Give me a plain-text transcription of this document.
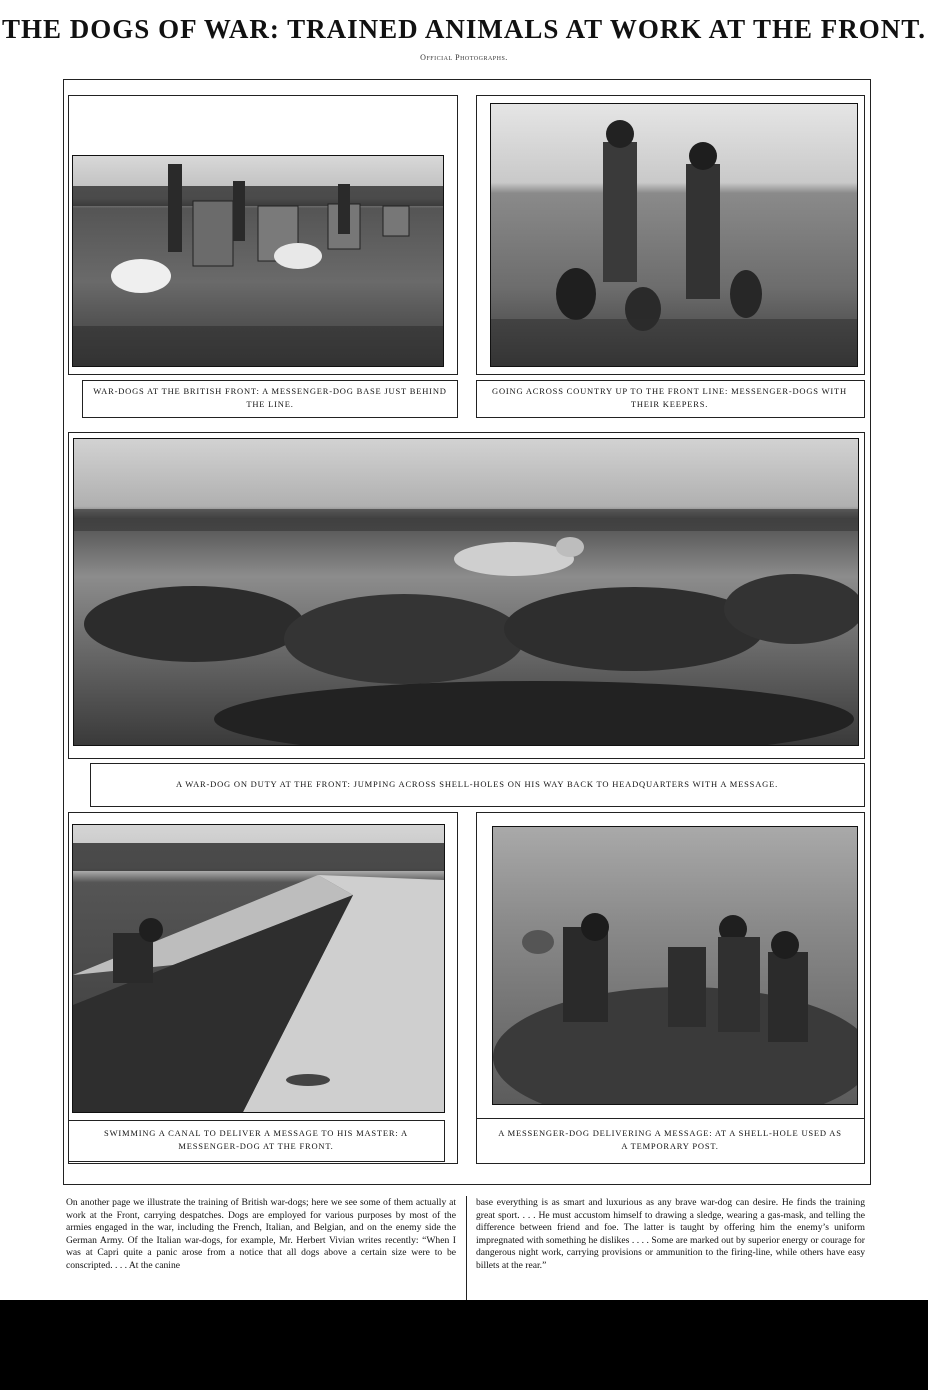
THE DOGS OF WAR: TRAINED ANIMALS AT WORK AT THE FRONT.
Official Photographs.
WAR-DOGS AT THE BRITISH FRONT: A MESSENGER-DOG BASE JUST BEHIND THE LINE.
GOING ACROSS COUNTRY UP TO THE FRONT LINE: MESSENGER-DOGS WITH THEIR KEEPERS.
A WAR-DOG ON DUTY AT THE FRONT: JUMPING ACROSS SHELL-HOLES ON HIS WAY BACK TO HEADQUARTERS WITH A MESSAGE.
SWIMMING A CANAL TO DELIVER A MESSAGE TO HIS MASTER: A MESSENGER-DOG AT THE FRONT.
A MESSENGER-DOG DELIVERING A MESSAGE: AT A SHELL-HOLE USED AS A TEMPORARY POST.
On another page we illustrate the training of British war-dogs; here we see some of them actually at work at the Front, carrying despatches. Dogs are employed for various purposes by most of the armies engaged in the war, including the French, Italian, and Belgian, and on the enemy side the German Army. Of the Italian war-dogs, for example, Mr. Herbert Vivian writes recently: “When I was at Capri quite a panic arose from a notice that all dogs above a certain size were to be conscripted. . . . At the canine
base everything is as smart and luxurious as any brave war-dog can desire. He finds the training great sport. . . . He must accustom himself to drawing a sledge, wearing a gas-mask, and telling the difference between friend and foe. The latter is taught by offering him the enemy’s uniform impregnated with something he dislikes . . . . Some are marked out by superior energy or courage for dangerous night work, carrying provisions or ammunition to the firing-line, while others have easy billets at the rear.”
